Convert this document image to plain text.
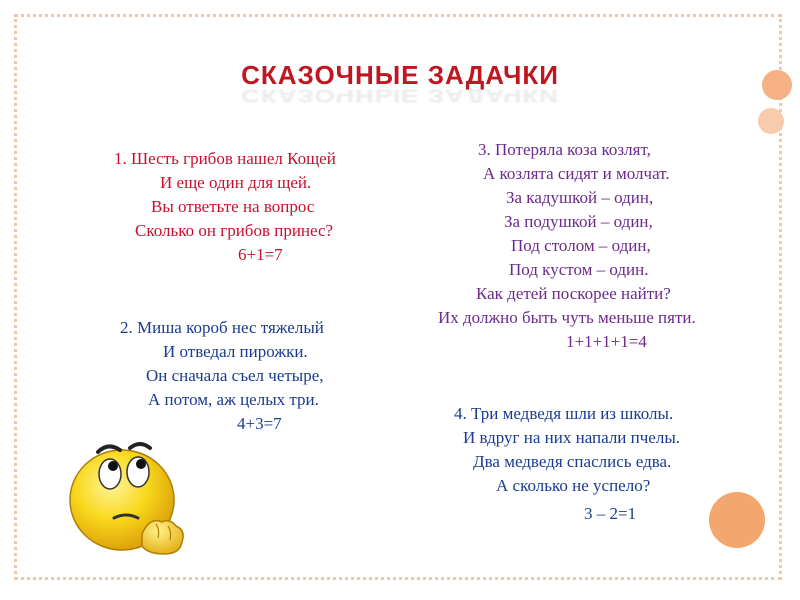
СКАЗОЧНЫЕ ЗАДАЧКИ
СКАЗОЧНЫЕ ЗАДАЧКИ
1. Шесть грибов нашел Кощей
И еще один для щей.
Вы ответьте на вопрос
Сколько он грибов принес?
6+1=7
2. Миша короб нес тяжелый
И отведал пирожки.
Он сначала съел четыре,
А потом, аж целых три.
4+3=7
3. Потеряла коза козлят,
А козлята сидят и молчат.
За кадушкой – один,
За подушкой – один,
Под столом – один,
Под кустом – один.
Как детей поскорее найти?
Их должно быть чуть меньше пяти.
1+1+1+1=4
4. Три медведя шли из школы.
И вдруг на них напали пчелы.
Два медведя спаслись едва.
А сколько не успело?
3 – 2=1
